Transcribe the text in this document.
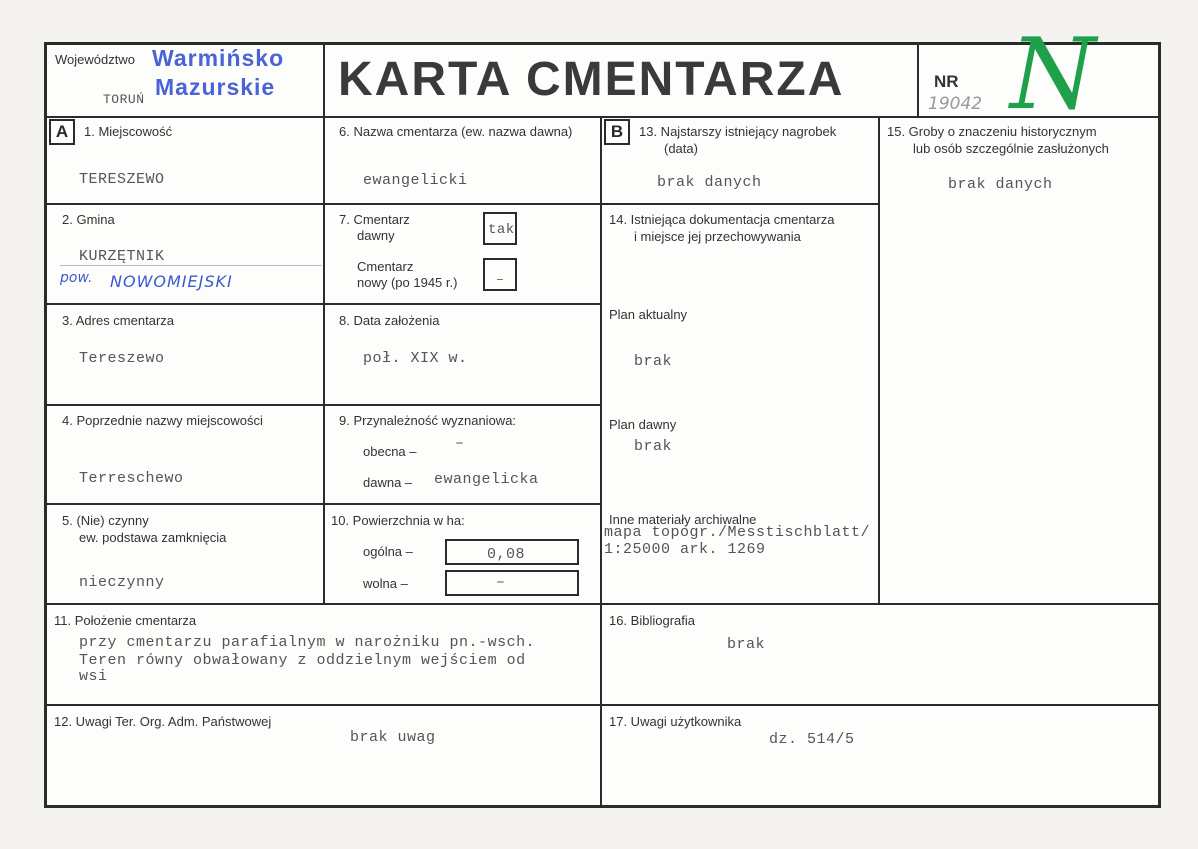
Województwo Warmińsko
Mazurskie
TORUŃ	KARTA CMENTARZA	NR
19042 N
A	B
1. Miejscowość
TERESZEWO
2. Gmina
KURZĘTNIK
pow. NOWOMIEJSKI
3. Adres cmentarza
Tereszewo
4. Poprzednie nazwy miejscowości
Terreschewo
5. (Nie) czynny
ew. podstawa zamknięcia
nieczynny
6. Nazwa cmentarza (ew. nazwa dawna)
ewangelicki
7. Cmentarz
dawny	tak
Cmentarz
nowy (po 1945 r.)	–
8. Data założenia
poł. XIX w.
9. Przynależność wyznaniowa:
obecna –	–
dawna – ewangelicka
10. Powierzchnia w ha:
ogólna –	0,08
wolna –	–
11. Położenie cmentarza
przy cmentarzu parafialnym w narożniku pn.-wsch.
Teren równy obwałowany z oddzielnym wejściem od
wsi
12. Uwagi Ter. Org. Adm. Państwowej
brak uwag
13. Najstarszy istniejący nagrobek
(data)
brak danych
14. Istniejąca dokumentacja cmentarza
i miejsce jej przechowywania
Plan aktualny
brak
Plan dawny
brak
Inne materiały archiwalne
mapa topogr./Messtischblatt/
1:25000 ark. 1269
15. Groby o znaczeniu historycznym
lub osób szczególnie zasłużonych
brak danych
16. Bibliografia
brak
17. Uwagi użytkownika
dz. 514/5
